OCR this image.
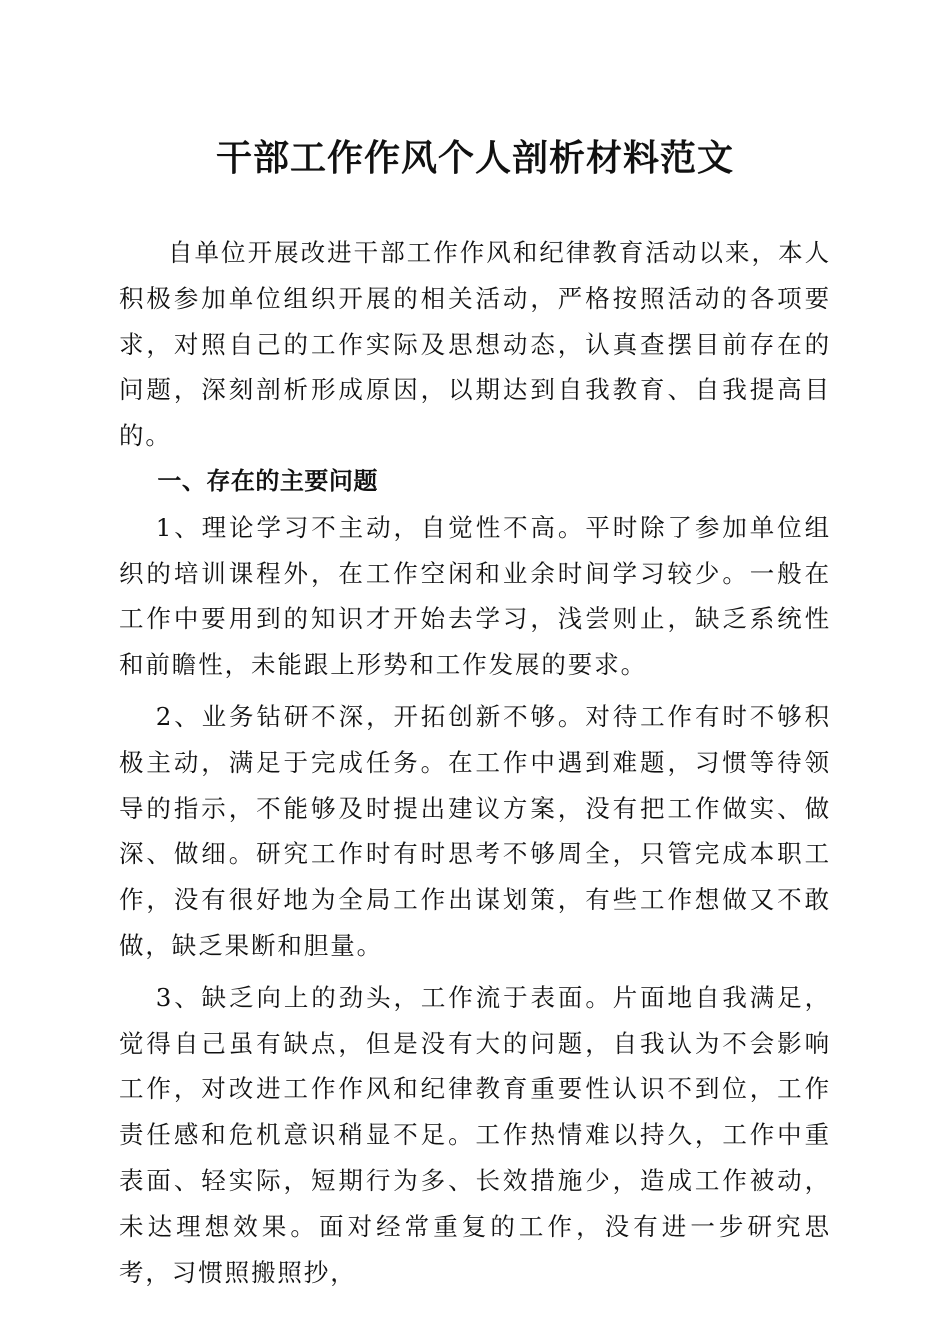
干部工作作风个人剖析材料范文

自单位开展改进干部工作作风和纪律教育活动以来，本人积极参加单位组织开展的相关活动，严格按照活动的各项要求，对照自己的工作实际及思想动态，认真查摆目前存在的问题，深刻剖析形成原因，以期达到自我教育、自我提高目的。

一、存在的主要问题

1、理论学习不主动，自觉性不高。平时除了参加单位组织的培训课程外，在工作空闲和业余时间学习较少。一般在工作中要用到的知识才开始去学习，浅尝则止，缺乏系统性和前瞻性，未能跟上形势和工作发展的要求。

2、业务钻研不深，开拓创新不够。对待工作有时不够积极主动，满足于完成任务。在工作中遇到难题，习惯等待领导的指示，不能够及时提出建议方案，没有把工作做实、做深、做细。研究工作时有时思考不够周全，只管完成本职工作，没有很好地为全局工作出谋划策，有些工作想做又不敢做，缺乏果断和胆量。

3、缺乏向上的劲头，工作流于表面。片面地自我满足，觉得自己虽有缺点，但是没有大的问题，自我认为不会影响工作，对改进工作作风和纪律教育重要性认识不到位，工作责任感和危机意识稍显不足。工作热情难以持久，工作中重表面、轻实际，短期行为多、长效措施少，造成工作被动，未达理想效果。面对经常重复的工作，没有进一步研究思考，习惯照搬照抄，
